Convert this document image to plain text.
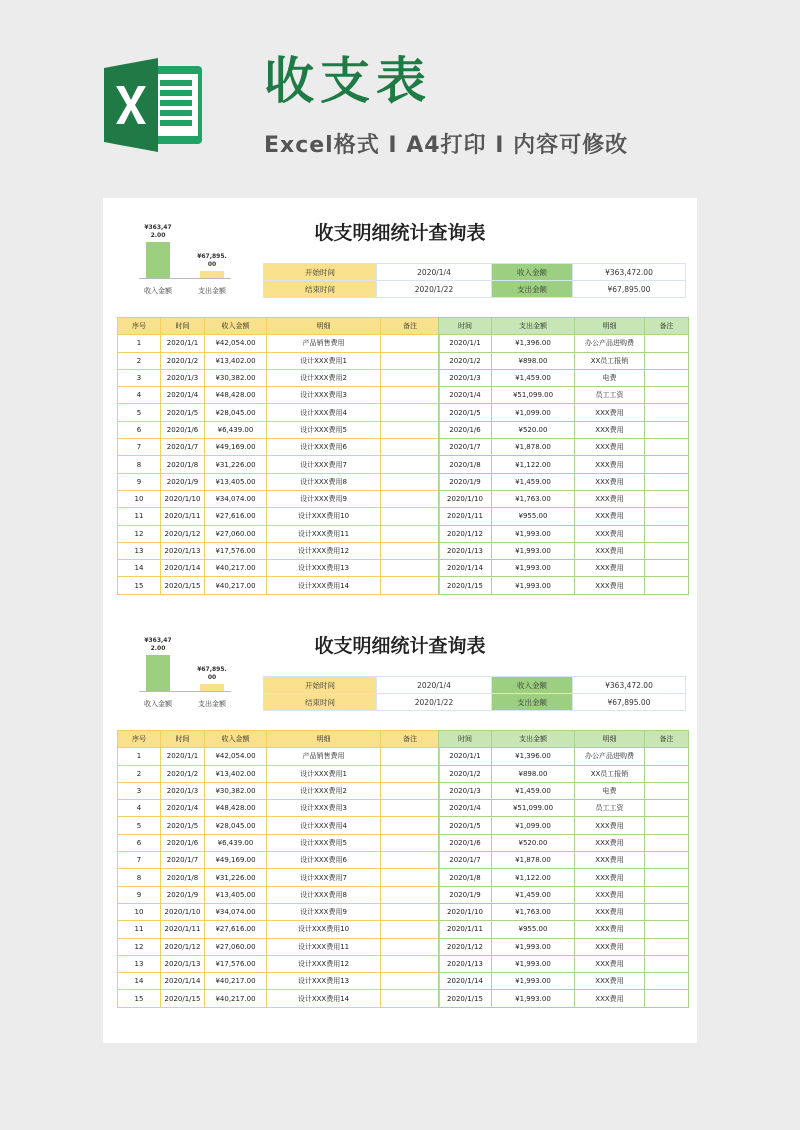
收支表
Excel格式 I A4打印 I 内容可修改
收支明细统计查询表
¥363,472.00
¥67,895.00
收入金额	支出金额
开始时间	2020/1/4	收入金额	¥363,472.00
结束时间	2020/1/22	支出金额	¥67,895.00
序号	时间	收入金额	明细	备注
1	2020/1/1	¥42,054.00	产品销售费用	
2	2020/1/2	¥13,402.00	设计XXX费用1	
3	2020/1/3	¥30,382.00	设计XXX费用2	
4	2020/1/4	¥48,428.00	设计XXX费用3	
5	2020/1/5	¥28,045.00	设计XXX费用4	
6	2020/1/6	¥6,439.00	设计XXX费用5	
7	2020/1/7	¥49,169.00	设计XXX费用6	
8	2020/1/8	¥31,226.00	设计XXX费用7	
9	2020/1/9	¥13,405.00	设计XXX费用8	
10	2020/1/10	¥34,074.00	设计XXX费用9	
11	2020/1/11	¥27,616.00	设计XXX费用10	
12	2020/1/12	¥27,060.00	设计XXX费用11	
13	2020/1/13	¥17,576.00	设计XXX费用12	
14	2020/1/14	¥40,217.00	设计XXX费用13	
15	2020/1/15	¥40,217.00	设计XXX费用14	
时间	支出金额	明细	备注
2020/1/1	¥1,396.00	办公产品进购费	
2020/1/2	¥898.00	XX员工报销	
2020/1/3	¥1,459.00	电费	
2020/1/4	¥51,099.00	员工工资	
2020/1/5	¥1,099.00	XXX费用	
2020/1/6	¥520.00	XXX费用	
2020/1/7	¥1,878.00	XXX费用	
2020/1/8	¥1,122.00	XXX费用	
2020/1/9	¥1,459.00	XXX费用	
2020/1/10	¥1,763.00	XXX费用	
2020/1/11	¥955.00	XXX费用	
2020/1/12	¥1,993.00	XXX费用	
2020/1/13	¥1,993.00	XXX费用	
2020/1/14	¥1,993.00	XXX费用	
2020/1/15	¥1,993.00	XXX费用	
收支明细统计查询表
¥363,472.00
¥67,895.00
收入金额	支出金额
开始时间	2020/1/4	收入金额	¥363,472.00
结束时间	2020/1/22	支出金额	¥67,895.00
序号	时间	收入金额	明细	备注
1	2020/1/1	¥42,054.00	产品销售费用	
2	2020/1/2	¥13,402.00	设计XXX费用1	
3	2020/1/3	¥30,382.00	设计XXX费用2	
4	2020/1/4	¥48,428.00	设计XXX费用3	
5	2020/1/5	¥28,045.00	设计XXX费用4	
6	2020/1/6	¥6,439.00	设计XXX费用5	
7	2020/1/7	¥49,169.00	设计XXX费用6	
8	2020/1/8	¥31,226.00	设计XXX费用7	
9	2020/1/9	¥13,405.00	设计XXX费用8	
10	2020/1/10	¥34,074.00	设计XXX费用9	
11	2020/1/11	¥27,616.00	设计XXX费用10	
12	2020/1/12	¥27,060.00	设计XXX费用11	
13	2020/1/13	¥17,576.00	设计XXX费用12	
14	2020/1/14	¥40,217.00	设计XXX费用13	
15	2020/1/15	¥40,217.00	设计XXX费用14	
时间	支出金额	明细	备注
2020/1/1	¥1,396.00	办公产品进购费	
2020/1/2	¥898.00	XX员工报销	
2020/1/3	¥1,459.00	电费	
2020/1/4	¥51,099.00	员工工资	
2020/1/5	¥1,099.00	XXX费用	
2020/1/6	¥520.00	XXX费用	
2020/1/7	¥1,878.00	XXX费用	
2020/1/8	¥1,122.00	XXX费用	
2020/1/9	¥1,459.00	XXX费用	
2020/1/10	¥1,763.00	XXX费用	
2020/1/11	¥955.00	XXX费用	
2020/1/12	¥1,993.00	XXX费用	
2020/1/13	¥1,993.00	XXX费用	
2020/1/14	¥1,993.00	XXX费用	
2020/1/15	¥1,993.00	XXX费用	
